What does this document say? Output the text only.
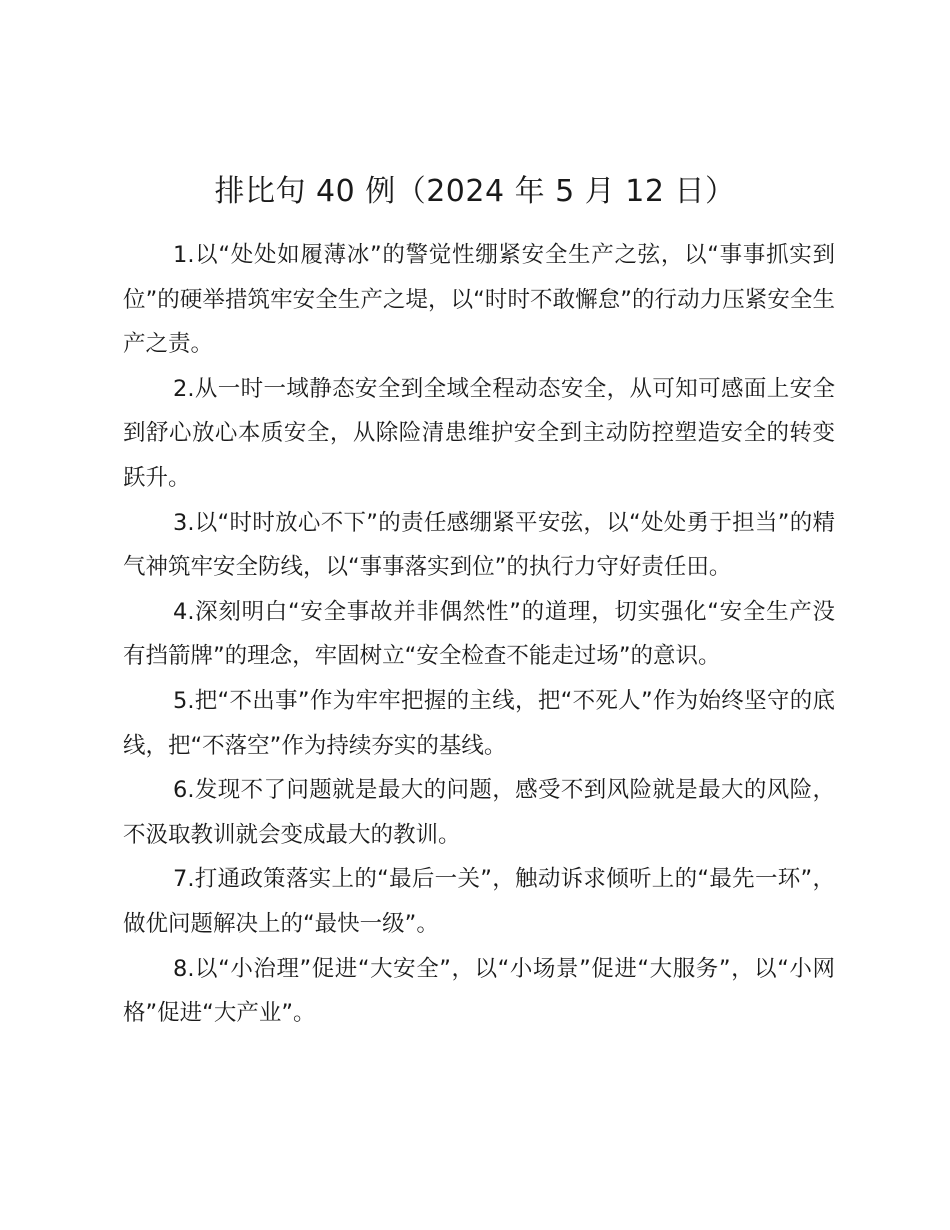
排比句 40 例（2024 年 5 月 12 日）

1.以“处处如履薄冰”的警觉性绷紧安全生产之弦，以“事事抓实到位”的硬举措筑牢安全生产之堤，以“时时不敢懈怠”的行动力压紧安全生产之责。

2.从一时一域静态安全到全域全程动态安全，从可知可感面上安全到舒心放心本质安全，从除险清患维护安全到主动防控塑造安全的转变跃升。

3.以“时时放心不下”的责任感绷紧平安弦，以“处处勇于担当”的精气神筑牢安全防线，以“事事落实到位”的执行力守好责任田。

4.深刻明白“安全事故并非偶然性”的道理，切实强化“安全生产没有挡箭牌”的理念，牢固树立“安全检查不能走过场”的意识。

5.把“不出事”作为牢牢把握的主线，把“不死人”作为始终坚守的底线，把“不落空”作为持续夯实的基线。

6.发现不了问题就是最大的问题，感受不到风险就是最大的风险，不汲取教训就会变成最大的教训。

7.打通政策落实上的“最后一关”，触动诉求倾听上的“最先一环”，做优问题解决上的“最快一级”。

8.以“小治理”促进“大安全”，以“小场景”促进“大服务”，以“小网格”促进“大产业”。
